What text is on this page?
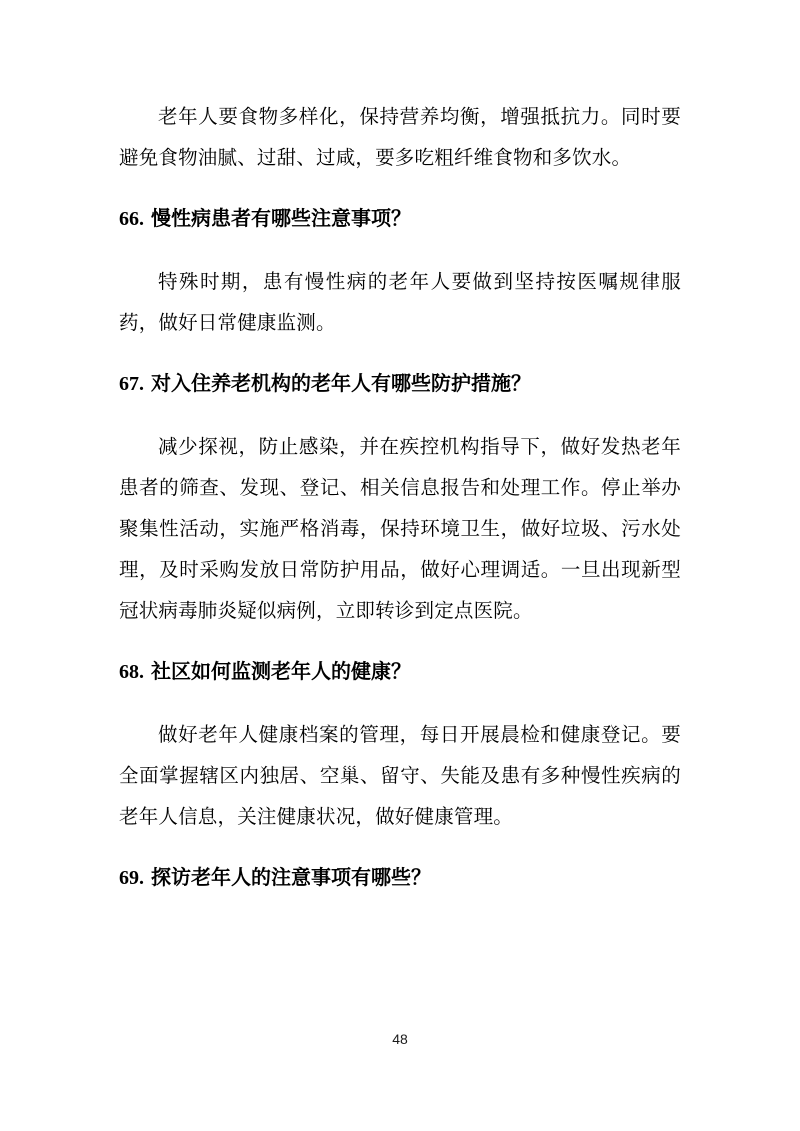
老年人要食物多样化，保持营养均衡，增强抵抗力。同时要避免食物油腻、过甜、过咸，要多吃粗纤维食物和多饮水。

66. 慢性病患者有哪些注意事项？

特殊时期，患有慢性病的老年人要做到坚持按医嘱规律服药，做好日常健康监测。

67. 对入住养老机构的老年人有哪些防护措施？

减少探视，防止感染，并在疾控机构指导下，做好发热老年患者的筛查、发现、登记、相关信息报告和处理工作。停止举办聚集性活动，实施严格消毒，保持环境卫生，做好垃圾、污水处理，及时采购发放日常防护用品，做好心理调适。一旦出现新型冠状病毒肺炎疑似病例，立即转诊到定点医院。

68. 社区如何监测老年人的健康？

做好老年人健康档案的管理，每日开展晨检和健康登记。要全面掌握辖区内独居、空巢、留守、失能及患有多种慢性疾病的老年人信息，关注健康状况，做好健康管理。

69. 探访老年人的注意事项有哪些？
48
